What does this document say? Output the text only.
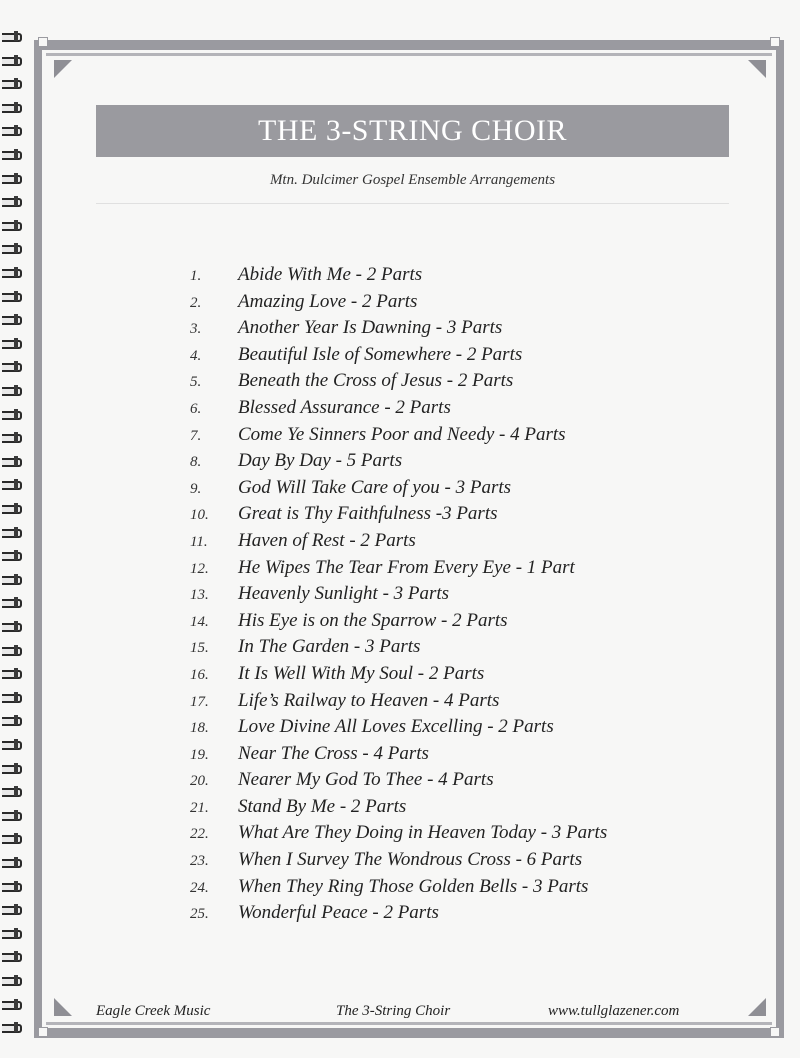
THE 3-STRING CHOIR
Mtn. Dulcimer Gospel Ensemble Arrangements
1.	Abide With Me - 2 Parts
2.	Amazing Love - 2 Parts
3.	Another Year Is Dawning - 3 Parts
4.	Beautiful Isle of Somewhere - 2 Parts
5.	Beneath the Cross of Jesus - 2 Parts
6.	Blessed Assurance - 2 Parts
7.	Come Ye Sinners Poor and Needy - 4 Parts
8.	Day By Day - 5 Parts
9.	God Will Take Care of you - 3 Parts
10.	Great is Thy Faithfulness -3 Parts
11.	Haven of Rest - 2 Parts
12.	He Wipes The Tear From Every Eye - 1 Part
13.	Heavenly Sunlight - 3 Parts
14.	His Eye is on the Sparrow - 2 Parts
15.	In The Garden - 3 Parts
16.	It Is Well With My Soul - 2 Parts
17.	Life’s Railway to Heaven - 4 Parts
18.	Love Divine All Loves Excelling - 2 Parts
19.	Near The Cross - 4 Parts
20.	Nearer My God To Thee - 4 Parts
21.	Stand By Me - 2 Parts
22.	What Are They Doing in Heaven Today - 3 Parts
23.	When I Survey The Wondrous Cross - 6 Parts
24.	When They Ring Those Golden Bells - 3 Parts
25.	Wonderful Peace - 2 Parts
Eagle Creek Music	The 3-String Choir	www.tullglazener.com
